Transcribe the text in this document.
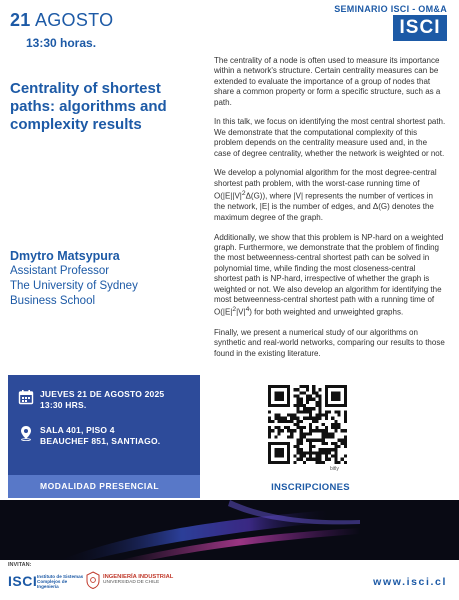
21 AGOSTO
13:30 horas.
Centrality of shortest paths: algorithms and complexity results
Dmytro Matsypura
Assistant Professor
The University of Sydney
Business School
JUEVES 21 DE AGOSTO 2025
13:30 HRS.
SALA 401, PISO 4
BEAUCHEF 851, SANTIAGO.
MODALIDAD PRESENCIAL
SEMINARIO ISCI - OM&A
ISCI

The centrality of a node is often used to measure its importance within a network's structure. Certain centrality measures can be extended to evaluate the importance of a group of nodes that share a common property or form a specific structure, such as a path.

In this talk, we focus on identifying the most central shortest path. We demonstrate that the computational complexity of this problem depends on the centrality measure used and, in the case of degree centrality, whether the network is weighted or not.

We develop a polynomial algorithm for the most degree-central shortest path problem, with the worst-case running time of $O(|E||V|^2\Delta(G))$, where |V| represents the number of vertices in the network, |E| is the number of edges, and Δ(G) denotes the maximum degree of the graph.

Additionally, we show that this problem is NP-hard on a weighted graph. Furthermore, we demonstrate that the problem of finding the most betweenness-central shortest path can be solved in polynomial time, while finding the most closeness-central shortest path is NP-hard, irrespective of whether the graph is weighted or not. We also develop an algorithm for identifying the most betweenness-central shortest path with a running time of $O(|E|^2|V|^4)$ for both weighted and unweighted graphs.

Finally, we present a numerical study of our algorithms on synthetic and real-world networks, comparing our results to those found in the existing literature.

bitly
INSCRIPCIONES
INVITAN:
ISCI Instituto de Sistemas Complejos de Ingeniería
INGENIERÍA INDUSTRIAL
UNIVERSIDAD DE CHILE	www.isci.cl
